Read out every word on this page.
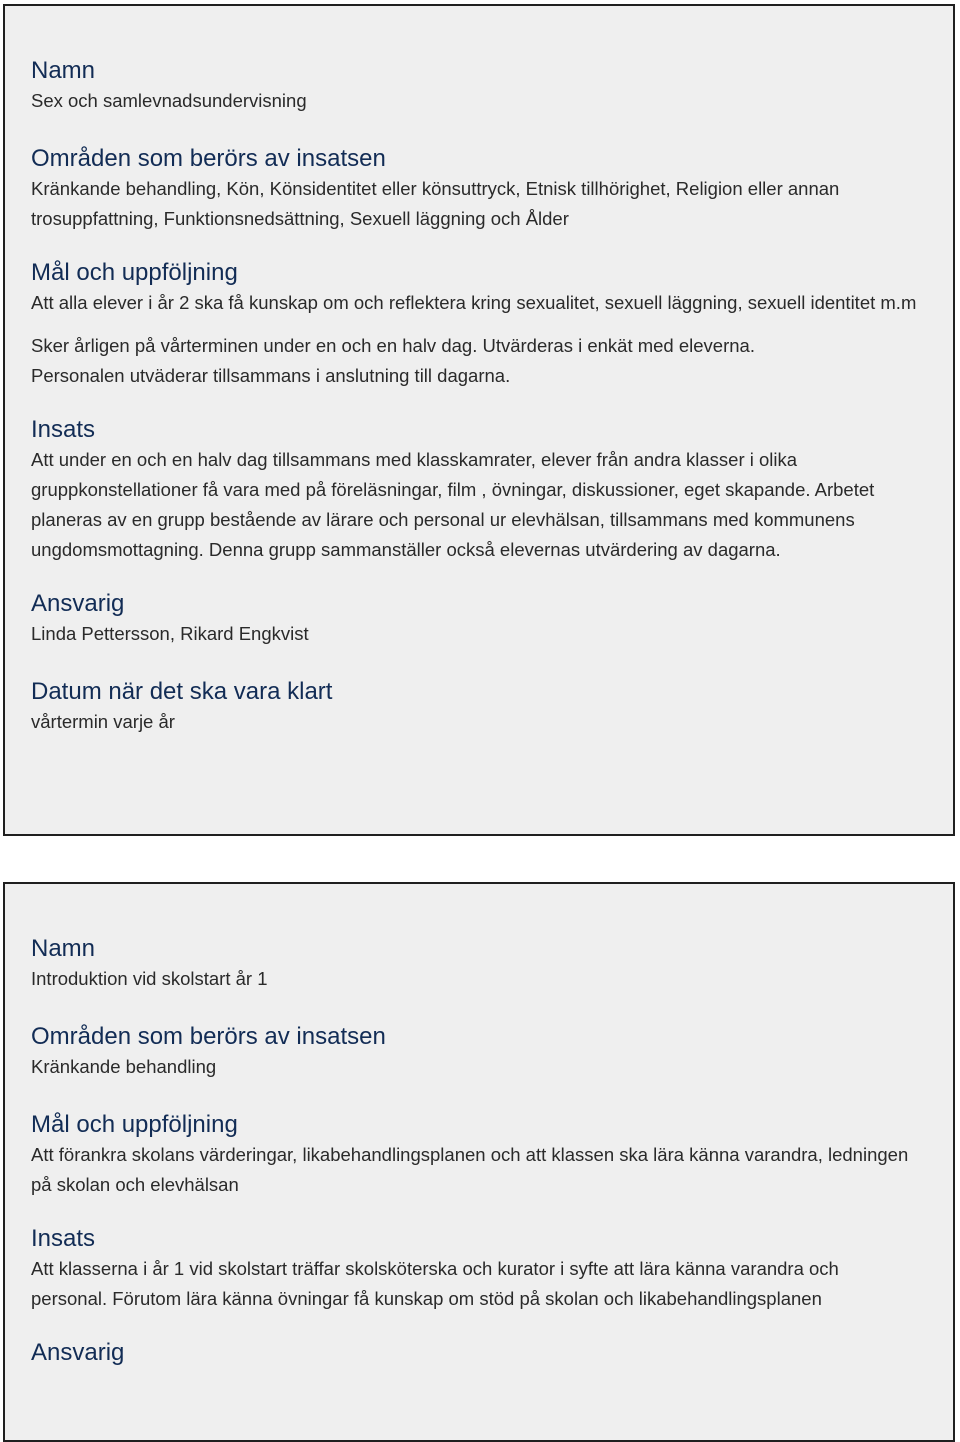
Namn

Sex och samlevnadsundervisning

Områden som berörs av insatsen

Kränkande behandling, Kön, Könsidentitet eller könsuttryck, Etnisk tillhörighet, Religion eller annan trosuppfattning, Funktionsnedsättning, Sexuell läggning och Ålder

Mål och uppföljning

Att alla elever i år 2 ska få kunskap om och reflektera kring sexualitet, sexuell läggning, sexuell identitet m.m

Sker årligen på vårterminen under en och en halv dag. Utvärderas i enkät med eleverna. Personalen utväderar tillsammans i anslutning till dagarna.

Insats

Att under en och en halv dag tillsammans med klasskamrater, elever från andra klasser i olika gruppkonstellationer få vara med på föreläsningar, film , övningar, diskussioner, eget skapande. Arbetet planeras av en grupp bestående av lärare och personal ur elevhälsan, tillsammans med kommunens ungdomsmottagning. Denna grupp sammanställer också elevernas utvärdering av dagarna.

Ansvarig

Linda Pettersson, Rikard Engkvist

Datum när det ska vara klart

vårtermin varje år

Namn

Introduktion vid skolstart år 1

Områden som berörs av insatsen

Kränkande behandling

Mål och uppföljning

Att förankra skolans värderingar, likabehandlingsplanen och att klassen ska lära känna varandra, ledningen på skolan och elevhälsan

Insats

Att klasserna i år 1 vid skolstart träffar skolsköterska och kurator i syfte att lära känna varandra och personal. Förutom lära känna övningar få kunskap om stöd på skolan och likabehandlingsplanen

Ansvarig
